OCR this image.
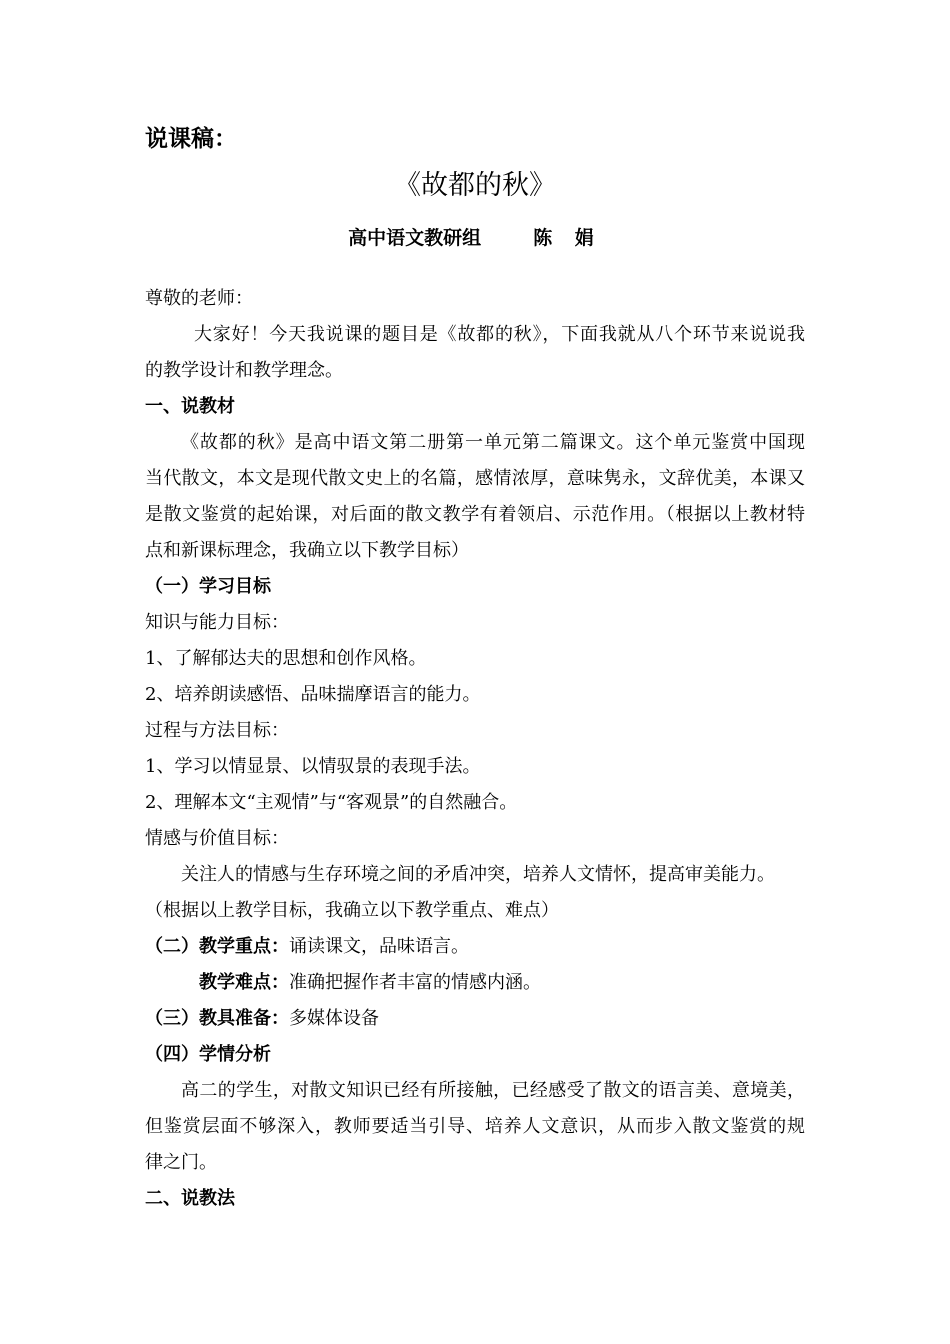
说课稿：
《故都的秋》
高中语文教研组	陈 娟
尊敬的老师：
大家好！今天我说课的题目是《故都的秋》，下面我就从八个环节来说说我
的教学设计和教学理念。
一、说教材
《故都的秋》是高中语文第二册第一单元第二篇课文。这个单元鉴赏中国现
当代散文，本文是现代散文史上的名篇，感情浓厚，意味隽永，文辞优美，本课又
是散文鉴赏的起始课，对后面的散文教学有着领启、示范作用。（根据以上教材特
点和新课标理念，我确立以下教学目标）
（一）学习目标
知识与能力目标：
1、了解郁达夫的思想和创作风格。
2、培养朗读感悟、品味揣摩语言的能力。
过程与方法目标：
1、学习以情显景、以情驭景的表现手法。
2、理解本文“主观情”与“客观景”的自然融合。
情感与价值目标：
关注人的情感与生存环境之间的矛盾冲突，培养人文情怀，提高审美能力。
（根据以上教学目标，我确立以下教学重点、难点）
（二）教学重点：诵读课文，品味语言。
教学难点：准确把握作者丰富的情感内涵。
（三）教具准备：多媒体设备
（四）学情分析
高二的学生，对散文知识已经有所接触，已经感受了散文的语言美、意境美，
但鉴赏层面不够深入，教师要适当引导、培养人文意识，从而步入散文鉴赏的规
律之门。
二、说教法
